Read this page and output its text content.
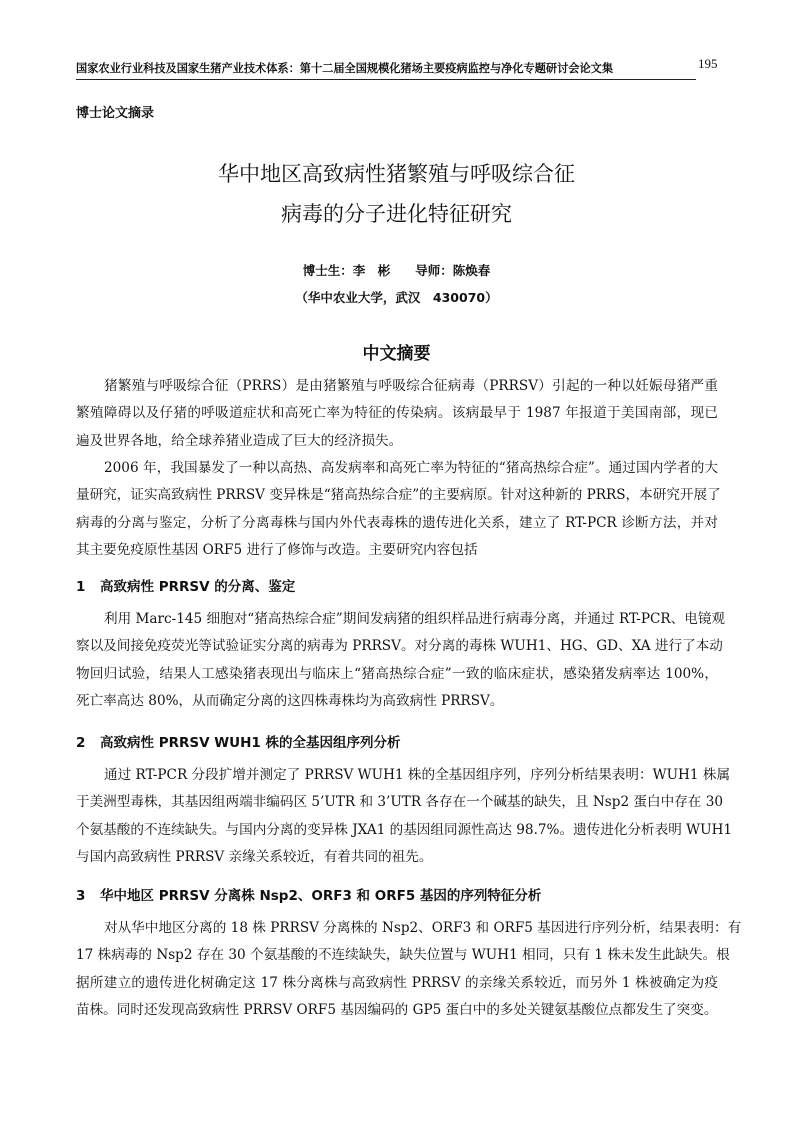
国家农业行业科技及国家生猪产业技术体系：第十二届全国规模化猪场主要疫病监控与净化专题研讨会论文集	195
博士论文摘录
华中地区高致病性猪繁殖与呼吸综合征
病毒的分子进化特征研究
博士生：李　彬　　导师：陈焕春
（华中农业大学，武汉　430070）
中文摘要
猪繁殖与呼吸综合征（PRRS）是由猪繁殖与呼吸综合征病毒（PRRSV）引起的一种以妊娠母猪严重
繁殖障碍以及仔猪的呼吸道症状和高死亡率为特征的传染病。该病最早于 1987 年报道于美国南部，现已
遍及世界各地，给全球养猪业造成了巨大的经济损失。
2006 年，我国暴发了一种以高热、高发病率和高死亡率为特征的“猪高热综合症”。通过国内学者的大
量研究，证实高致病性 PRRSV 变异株是“猪高热综合症”的主要病原。针对这种新的 PRRS，本研究开展了
病毒的分离与鉴定，分析了分离毒株与国内外代表毒株的遗传进化关系，建立了 RT-PCR 诊断方法，并对
其主要免疫原性基因 ORF5 进行了修饰与改造。主要研究内容包括
1 高致病性 PRRSV 的分离、鉴定
利用 Marc-145 细胞对“猪高热综合症”期间发病猪的组织样品进行病毒分离，并通过 RT-PCR、电镜观
察以及间接免疫荧光等试验证实分离的病毒为 PRRSV。对分离的毒株 WUH1、HG、GD、XA 进行了本动
物回归试验，结果人工感染猪表现出与临床上“猪高热综合症”一致的临床症状，感染猪发病率达 100%，
死亡率高达 80%，从而确定分离的这四株毒株均为高致病性 PRRSV。
2 高致病性 PRRSV WUH1 株的全基因组序列分析
通过 RT-PCR 分段扩增并测定了 PRRSV WUH1 株的全基因组序列，序列分析结果表明：WUH1 株属
于美洲型毒株，其基因组两端非编码区 5’UTR 和 3’UTR 各存在一个碱基的缺失，且 Nsp2 蛋白中存在 30
个氨基酸的不连续缺失。与国内分离的变异株 JXA1 的基因组同源性高达 98.7%。遗传进化分析表明 WUH1
与国内高致病性 PRRSV 亲缘关系较近，有着共同的祖先。
3 华中地区 PRRSV 分离株 Nsp2、ORF3 和 ORF5 基因的序列特征分析
对从华中地区分离的 18 株 PRRSV 分离株的 Nsp2、ORF3 和 ORF5 基因进行序列分析，结果表明：有
17 株病毒的 Nsp2 存在 30 个氨基酸的不连续缺失，缺失位置与 WUH1 相同，只有 1 株未发生此缺失。根
据所建立的遗传进化树确定这 17 株分离株与高致病性 PRRSV 的亲缘关系较近，而另外 1 株被确定为疫
苗株。同时还发现高致病性 PRRSV ORF5 基因编码的 GP5 蛋白中的多处关键氨基酸位点都发生了突变。
